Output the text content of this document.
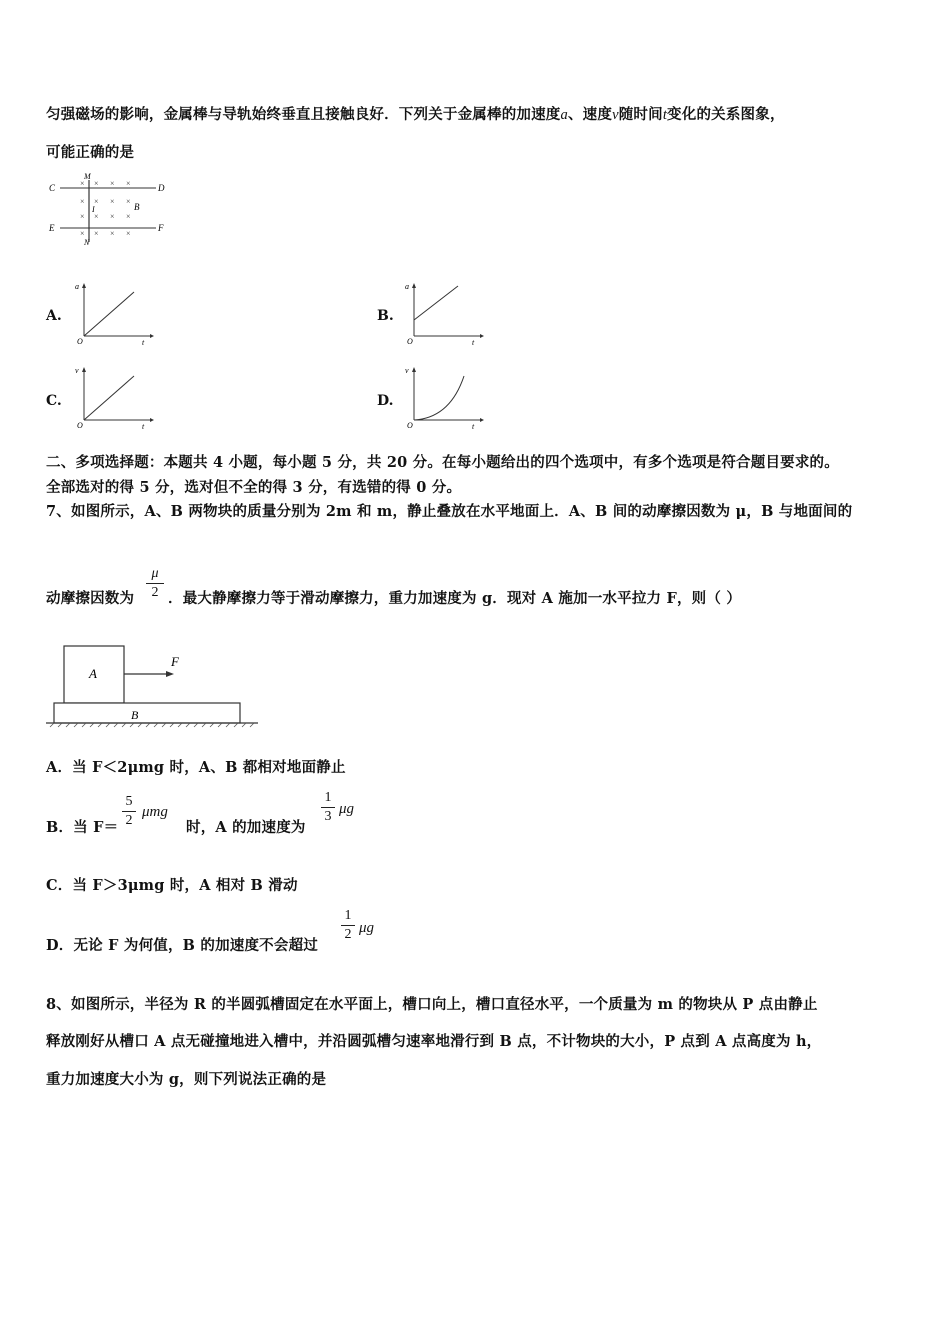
匀强磁场的影响，金属棒与导轨始终垂直且接触良好．下列关于金属棒的加速度a、速度v随时间t变化的关系图象，
可能正确的是
× × × ×
× × × ×
× × × ×
× × × ×
C	D
E	F
M
N
B
I
A.
a
O	t
B.
a
O	t
C.
v
O	t
D.
v
O	t
二、多项选择题：本题共 4 小题，每小题 5 分，共 20 分。在每小题给出的四个选项中，有多个选项是符合题目要求的。
全部选对的得 5 分，选对但不全的得 3 分，有选错的得 0 分。
7、如图所示，A、B 两物块的质量分别为 2m 和 m，静止叠放在水平地面上．A、B 间的动摩擦因数为 μ，B 与地面间的
动摩擦因数为
μ
2 ．最大静摩擦力等于滑动摩擦力，重力加速度为 g．现对 A 施加一水平拉力 F，则（ ）
A
B
F
A．当 F＜2μmg 时，A、B 都相对地面静止
B．当 F＝
5
2
μmg
时，A 的加速度为
1
3 μg
C．当 F＞3μmg 时，A 相对 B 滑动
D．无论 F 为何值，B 的加速度不会超过
1
2 μg
8、如图所示，半径为 R 的半圆弧槽固定在水平面上，槽口向上，槽口直径水平，一个质量为 m 的物块从 P 点由静止
释放刚好从槽口 A 点无碰撞地进入槽中，并沿圆弧槽匀速率地滑行到 B 点，不计物块的大小，P 点到 A 点高度为 h，
重力加速度大小为 g，则下列说法正确的是
